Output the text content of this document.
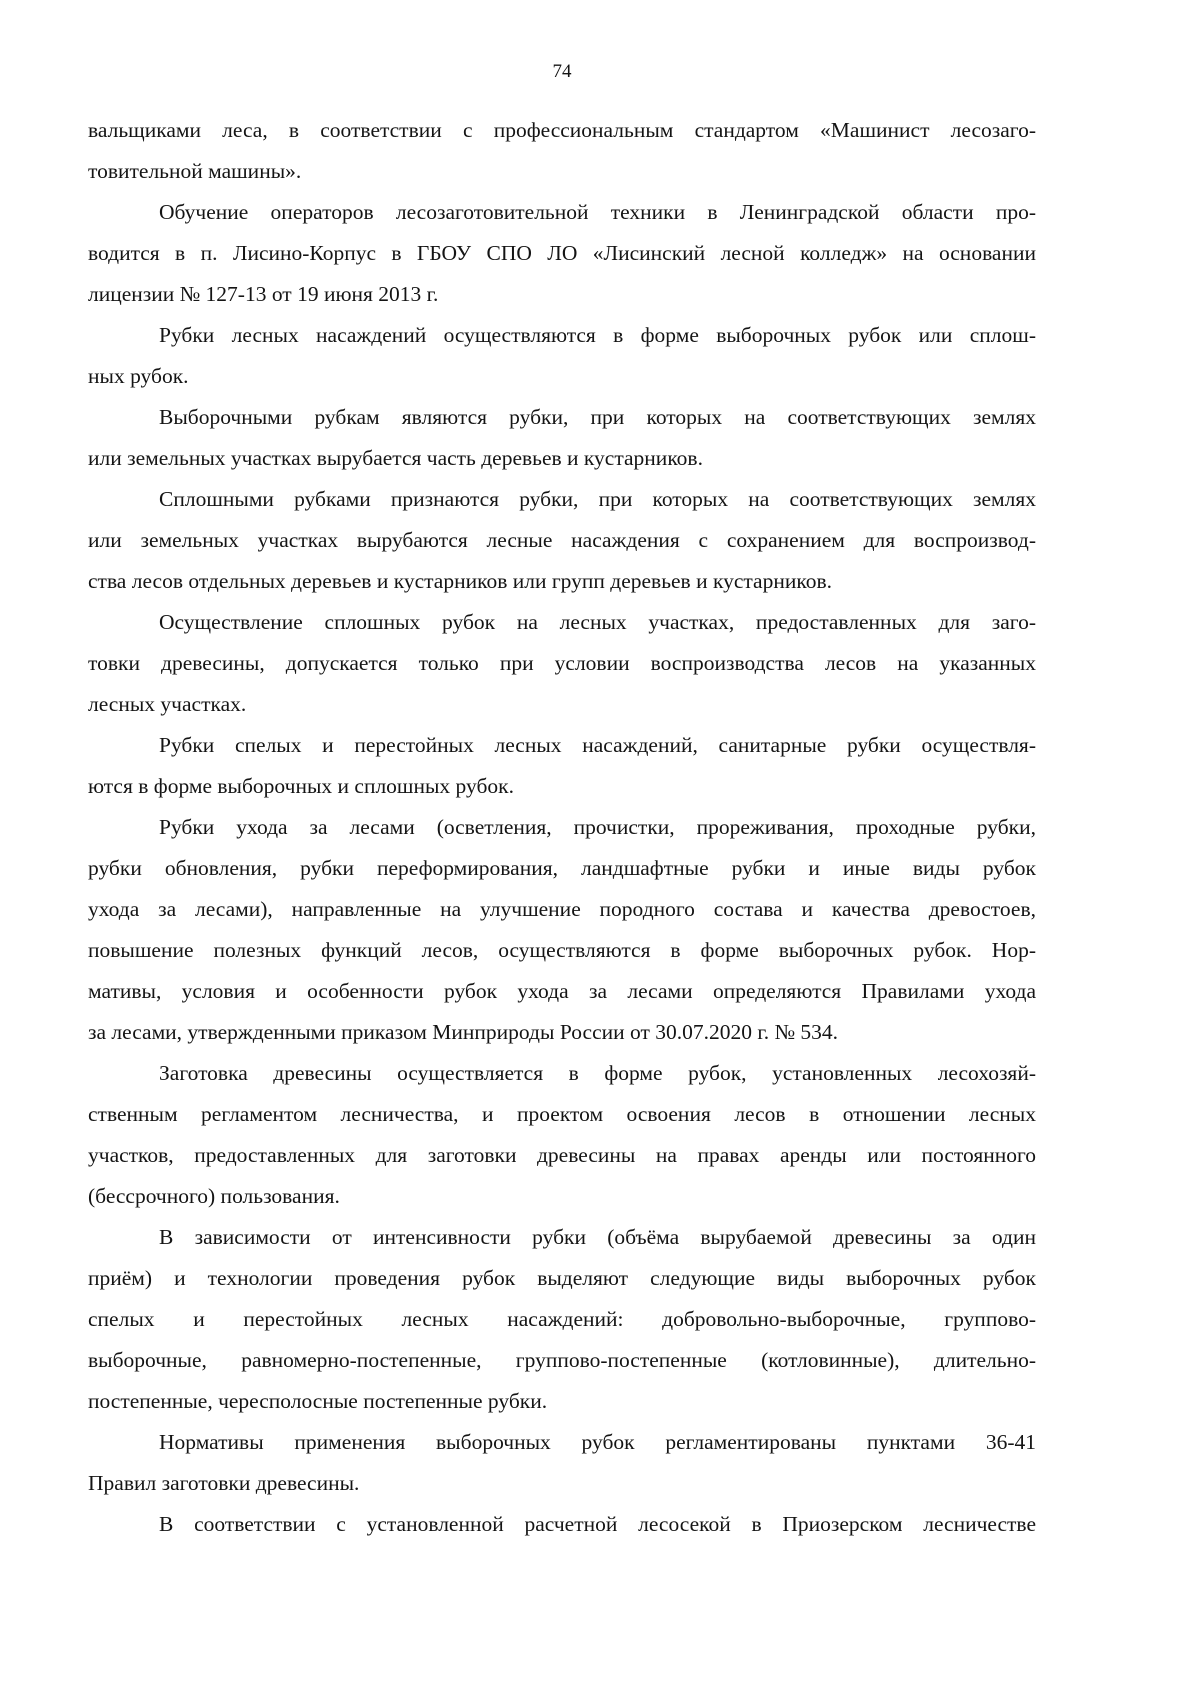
74
вальщиками леса, в соответствии с профессиональным стандартом «Машинист лесозаго-
товительной машины».
Обучение операторов лесозаготовительной техники в Ленинградской области про-
водится в п. Лисино-Корпус в ГБОУ СПО ЛО «Лисинский лесной колледж» на основании
лицензии № 127-13 от 19 июня 2013 г.
Рубки лесных насаждений осуществляются в форме выборочных рубок или сплош-
ных рубок.
Выборочными рубкам являются рубки, при которых на соответствующих землях
или земельных участках вырубается часть деревьев и кустарников.
Сплошными рубками признаются рубки, при которых на соответствующих землях
или земельных участках вырубаются лесные насаждения с сохранением для воспроизвод-
ства лесов отдельных деревьев и кустарников или групп деревьев и кустарников.
Осуществление сплошных рубок на лесных участках, предоставленных для заго-
товки древесины, допускается только при условии воспроизводства лесов на указанных
лесных участках.
Рубки спелых и перестойных лесных насаждений, санитарные рубки осуществля-
ются в форме выборочных и сплошных рубок.
Рубки ухода за лесами (осветления, прочистки, прореживания, проходные рубки,
рубки обновления, рубки переформирования, ландшафтные рубки и иные виды рубок
ухода за лесами), направленные на улучшение породного состава и качества древостоев,
повышение полезных функций лесов, осуществляются в форме выборочных рубок. Нор-
мативы, условия и особенности рубок ухода за лесами определяются Правилами ухода
за лесами, утвержденными приказом Минприроды России от 30.07.2020 г. № 534.
Заготовка древесины осуществляется в форме рубок, установленных лесохозяй-
ственным регламентом лесничества, и проектом освоения лесов в отношении лесных
участков, предоставленных для заготовки древесины на правах аренды или постоянного
(бессрочного) пользования.
В зависимости от интенсивности рубки (объёма вырубаемой древесины за один
приём) и технологии проведения рубок выделяют следующие виды выборочных рубок
спелых и перестойных лесных насаждений: добровольно-выборочные, группово-
выборочные, равномерно-постепенные, группово-постепенные (котловинные), длительно-
постепенные, чересполосные постепенные рубки.
Нормативы применения выборочных рубок регламентированы пунктами 36-41
Правил заготовки древесины.
В соответствии с установленной расчетной лесосекой в Приозерском лесничестве
